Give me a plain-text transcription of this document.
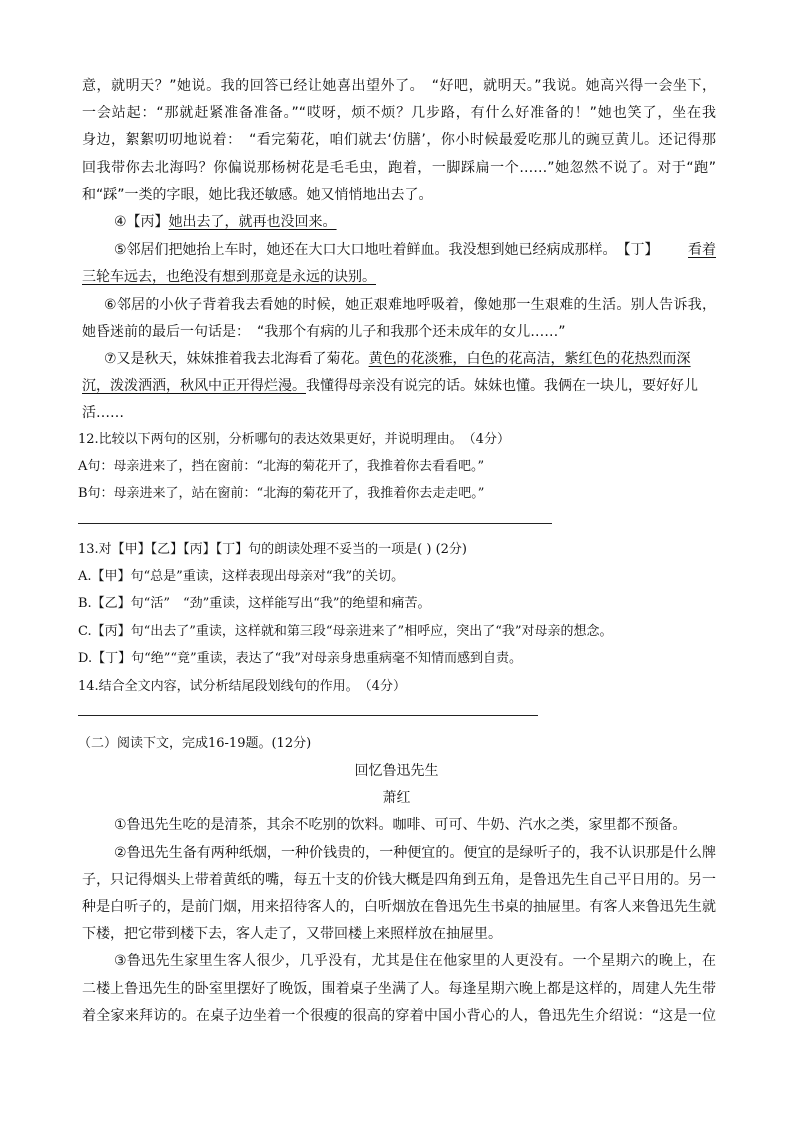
意，就明天？”她说。我的回答已经让她喜出望外了。　“好吧，就明天。”我说。她高兴得一会坐下，
一会站起：“那就赶紧准备准备。”“哎呀，烦不烦？几步路，有什么好准备的！”她也笑了，坐在我
身边，絮絮叨叨地说着：　“看完菊花，咱们就去‘仿膳’，你小时候最爱吃那儿的豌豆黄儿。还记得那
回我带你去北海吗？你偏说那杨树花是毛毛虫，跑着，一脚踩扁一个……”她忽然不说了。对于“跑”
和“踩”一类的字眼，她比我还敏感。她又悄悄地出去了。
④【丙】她出去了，就再也没回来。
⑤邻居们把她抬上车时，她还在大口大口地吐着鲜血。我没想到她已经病成那样。　【丁】 看着
三轮车远去，也绝没有想到那竟是永远的诀别。
⑥邻居的小伙子背着我去看她的时候，她正艰难地呼吸着，像她那一生艰难的生活。别人告诉我，
她昏迷前的最后一句话是：　“我那个有病的儿子和我那个还未成年的女儿……”
⑦又是秋天，妹妹推着我去北海看了菊花。黄色的花淡雅，白色的花高洁，紫红色的花热烈而深
沉，泼泼洒洒，秋风中正开得烂漫。我懂得母亲没有说完的话。妹妹也懂。我俩在一块儿，要好好儿
活……
12.比较以下两句的区别，分析哪句的表达效果更好，并说明理由。　（4分）
A句：母亲进来了，挡在窗前：“北海的菊花开了，我推着你去看看吧。”
B句：母亲进来了，站在窗前：“北海的菊花开了，我推着你去走走吧。”
13.对【甲】【乙】【丙】【丁】句的朗读处理不妥当的一项是( ) (2分)
A.【甲】句“总是”重读，这样表现出母亲对“我”的关切。
B.【乙】句“活”　“劲”重读，这样能写出“我”的绝望和痛苦。
C.【丙】句“出去了”重读，这样就和第三段“母亲进来了”相呼应，突出了“我”对母亲的想念。
D.【丁】句“绝”“竟”重读，表达了“我”对母亲身患重病毫不知情而感到自责。
14.结合全文内容，试分析结尾段划线句的作用。　（4分）
（二）阅读下文，完成16-19题。(12分)
回忆鲁迅先生
萧红
①鲁迅先生吃的是清茶，其余不吃别的饮料。咖啡、可可、牛奶、汽水之类，家里都不预备。
②鲁迅先生备有两种纸烟，一种价钱贵的，一种便宜的。便宜的是绿听子的，我不认识那是什么牌
子，只记得烟头上带着黄纸的嘴，每五十支的价钱大概是四角到五角，是鲁迅先生自己平日用的。另一
种是白听子的，是前门烟，用来招待客人的，白听烟放在鲁迅先生书桌的抽屉里。有客人来鲁迅先生就
下楼，把它带到楼下去，客人走了，又带回楼上来照样放在抽屉里。
③鲁迅先生家里生客人很少，几乎没有，尤其是住在他家里的人更没有。一个星期六的晚上，在
二楼上鲁迅先生的卧室里摆好了晚饭，围着桌子坐满了人。每逢星期六晚上都是这样的，周建人先生带
着全家来拜访的。在桌子边坐着一个很瘦的很高的穿着中国小背心的人，鲁迅先生介绍说：“这是一位
